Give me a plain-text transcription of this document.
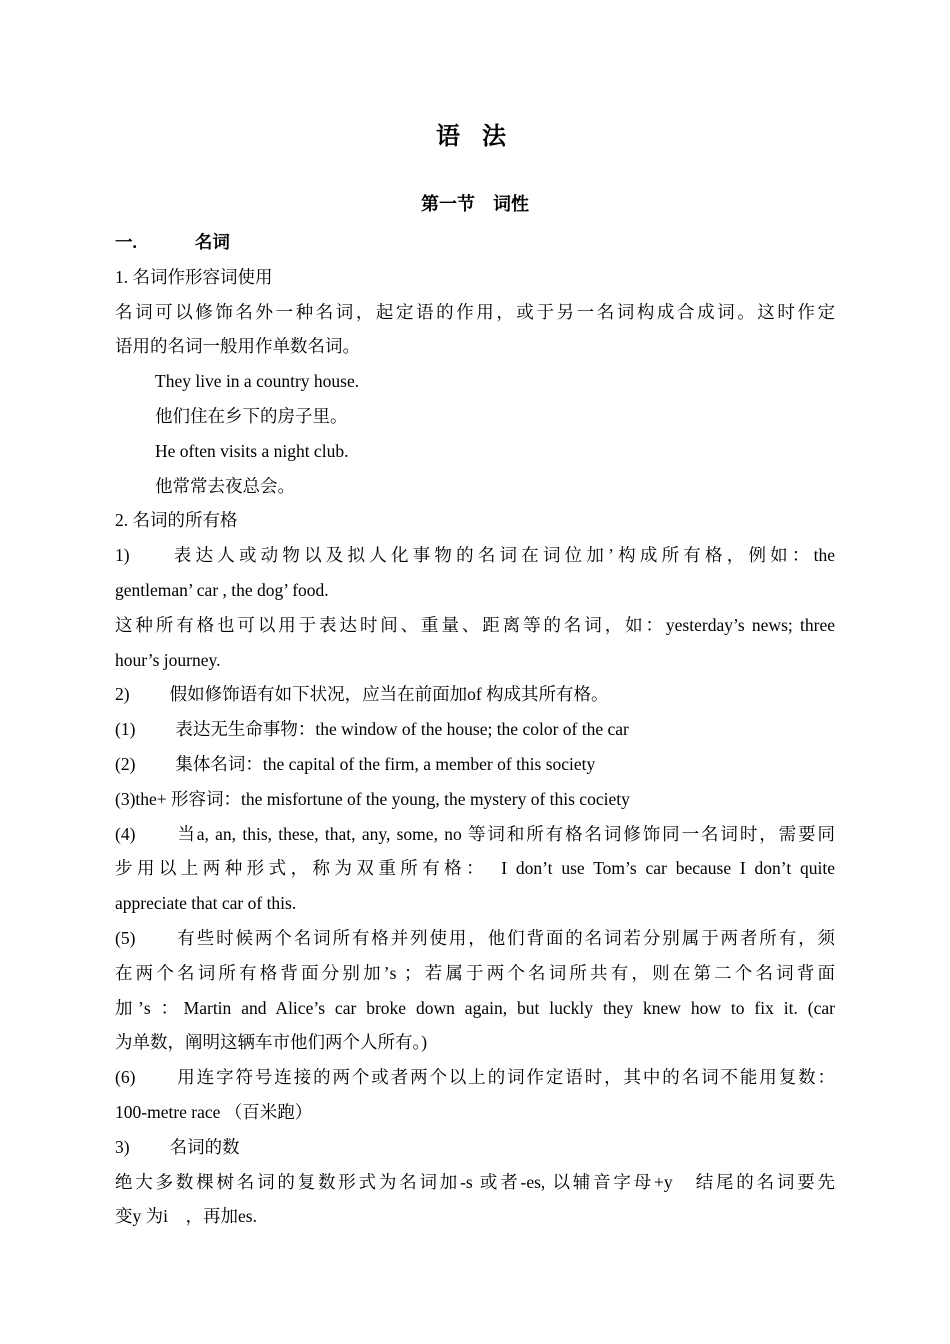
语 法
第一节　词性

一.	名词

1. 名词作形容词使用

名词可以修饰名外一种名词，起定语的作用，或于另一名词构成合成词。这时作定

语用的名词一般用作单数名词。

They live in a country house.

他们住在乡下的房子里。

He often visits a night club.

他常常去夜总会。

2. 名词的所有格

1) 表达人或动物以及拟人化事物的名词在词位加’构成所有格，例如：the

gentleman’ car , the dog’ food.

这种所有格也可以用于表达时间、重量、距离等的名词，如：yesterday’s news; three

hour’s journey.

2) 假如修饰语有如下状况，应当在前面加of 构成其所有格。

(1) 表达无生命事物：the window of the house; the color of the car

(2) 集体名词：the capital of the firm, a member of this society

(3)the+ 形容词：the misfortune of the young, the mystery of this cociety

(4) 当a, an, this, these, that, any, some, no 等词和所有格名词修饰同一名词时，需要同

步用以上两种形式，称为双重所有格：　I don’t use Tom’s car because I don’t quite

appreciate that car of this.

(5) 有些时候两个名词所有格并列使用，他们背面的名词若分别属于两者所有，须

在两个名词所有格背面分别加’s ；若属于两个名词所共有，则在第二个名词背面

加’s ：Martin and Alice’s car broke down again, but luckly they knew how to fix it. (car

为单数，阐明这辆车市他们两个人所有。)

(6) 用连字符号连接的两个或者两个以上的词作定语时，其中的名词不能用复数：

100-metre race （百米跑）

3) 名词的数

绝大多数棵树名词的复数形式为名词加-s 或者-es, 以辅音字母+y　结尾的名词要先

变y 为i　，再加es.
